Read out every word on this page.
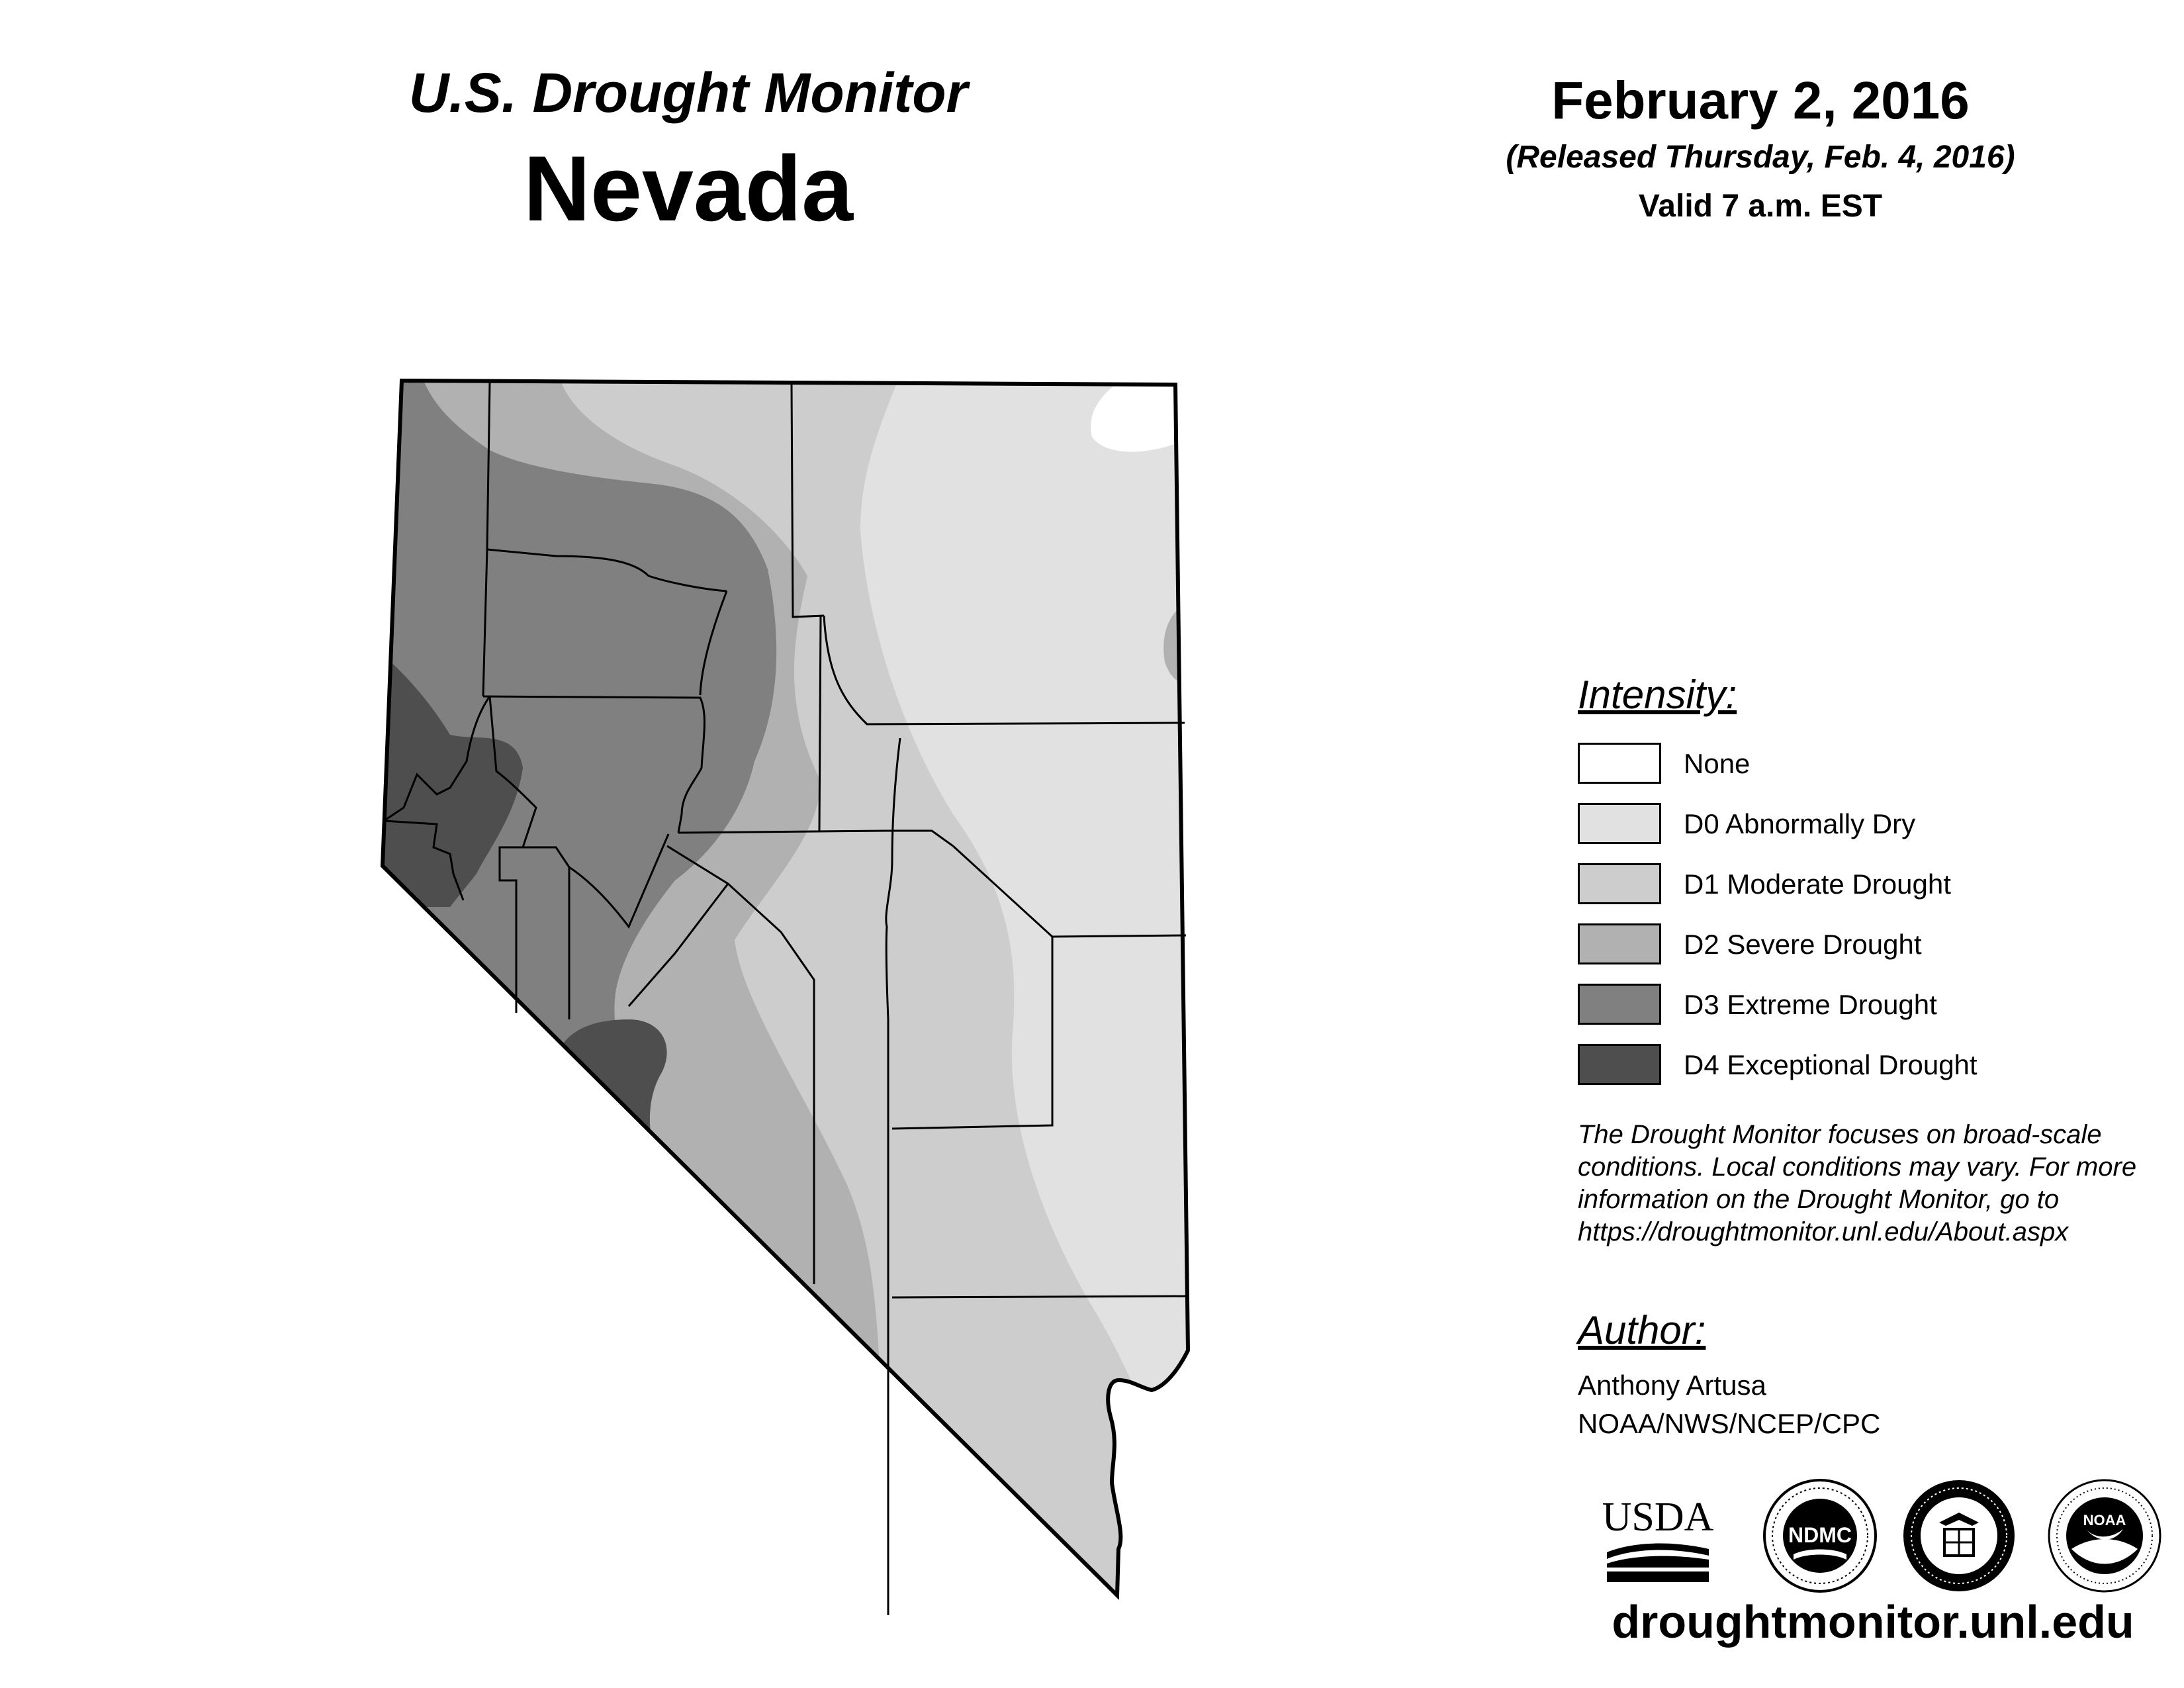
U.S. Drought Monitor
Nevada
February 2, 2016
(Released Thursday, Feb. 4, 2016)
Valid 7 a.m. EST
Intensity:
None
D0 Abnormally Dry
D1 Moderate Drought
D2 Severe Drought
D3 Extreme Drought
D4 Exceptional Drought
The Drought Monitor focuses on broad-scale
conditions. Local conditions may vary. For more
information on the Drought Monitor, go to
https://droughtmonitor.unl.edu/About.aspx
Author:
Anthony Artusa
NOAA/NWS/NCEP/CPC
USDA	NDMC
NOAA
droughtmonitor.unl.edu
